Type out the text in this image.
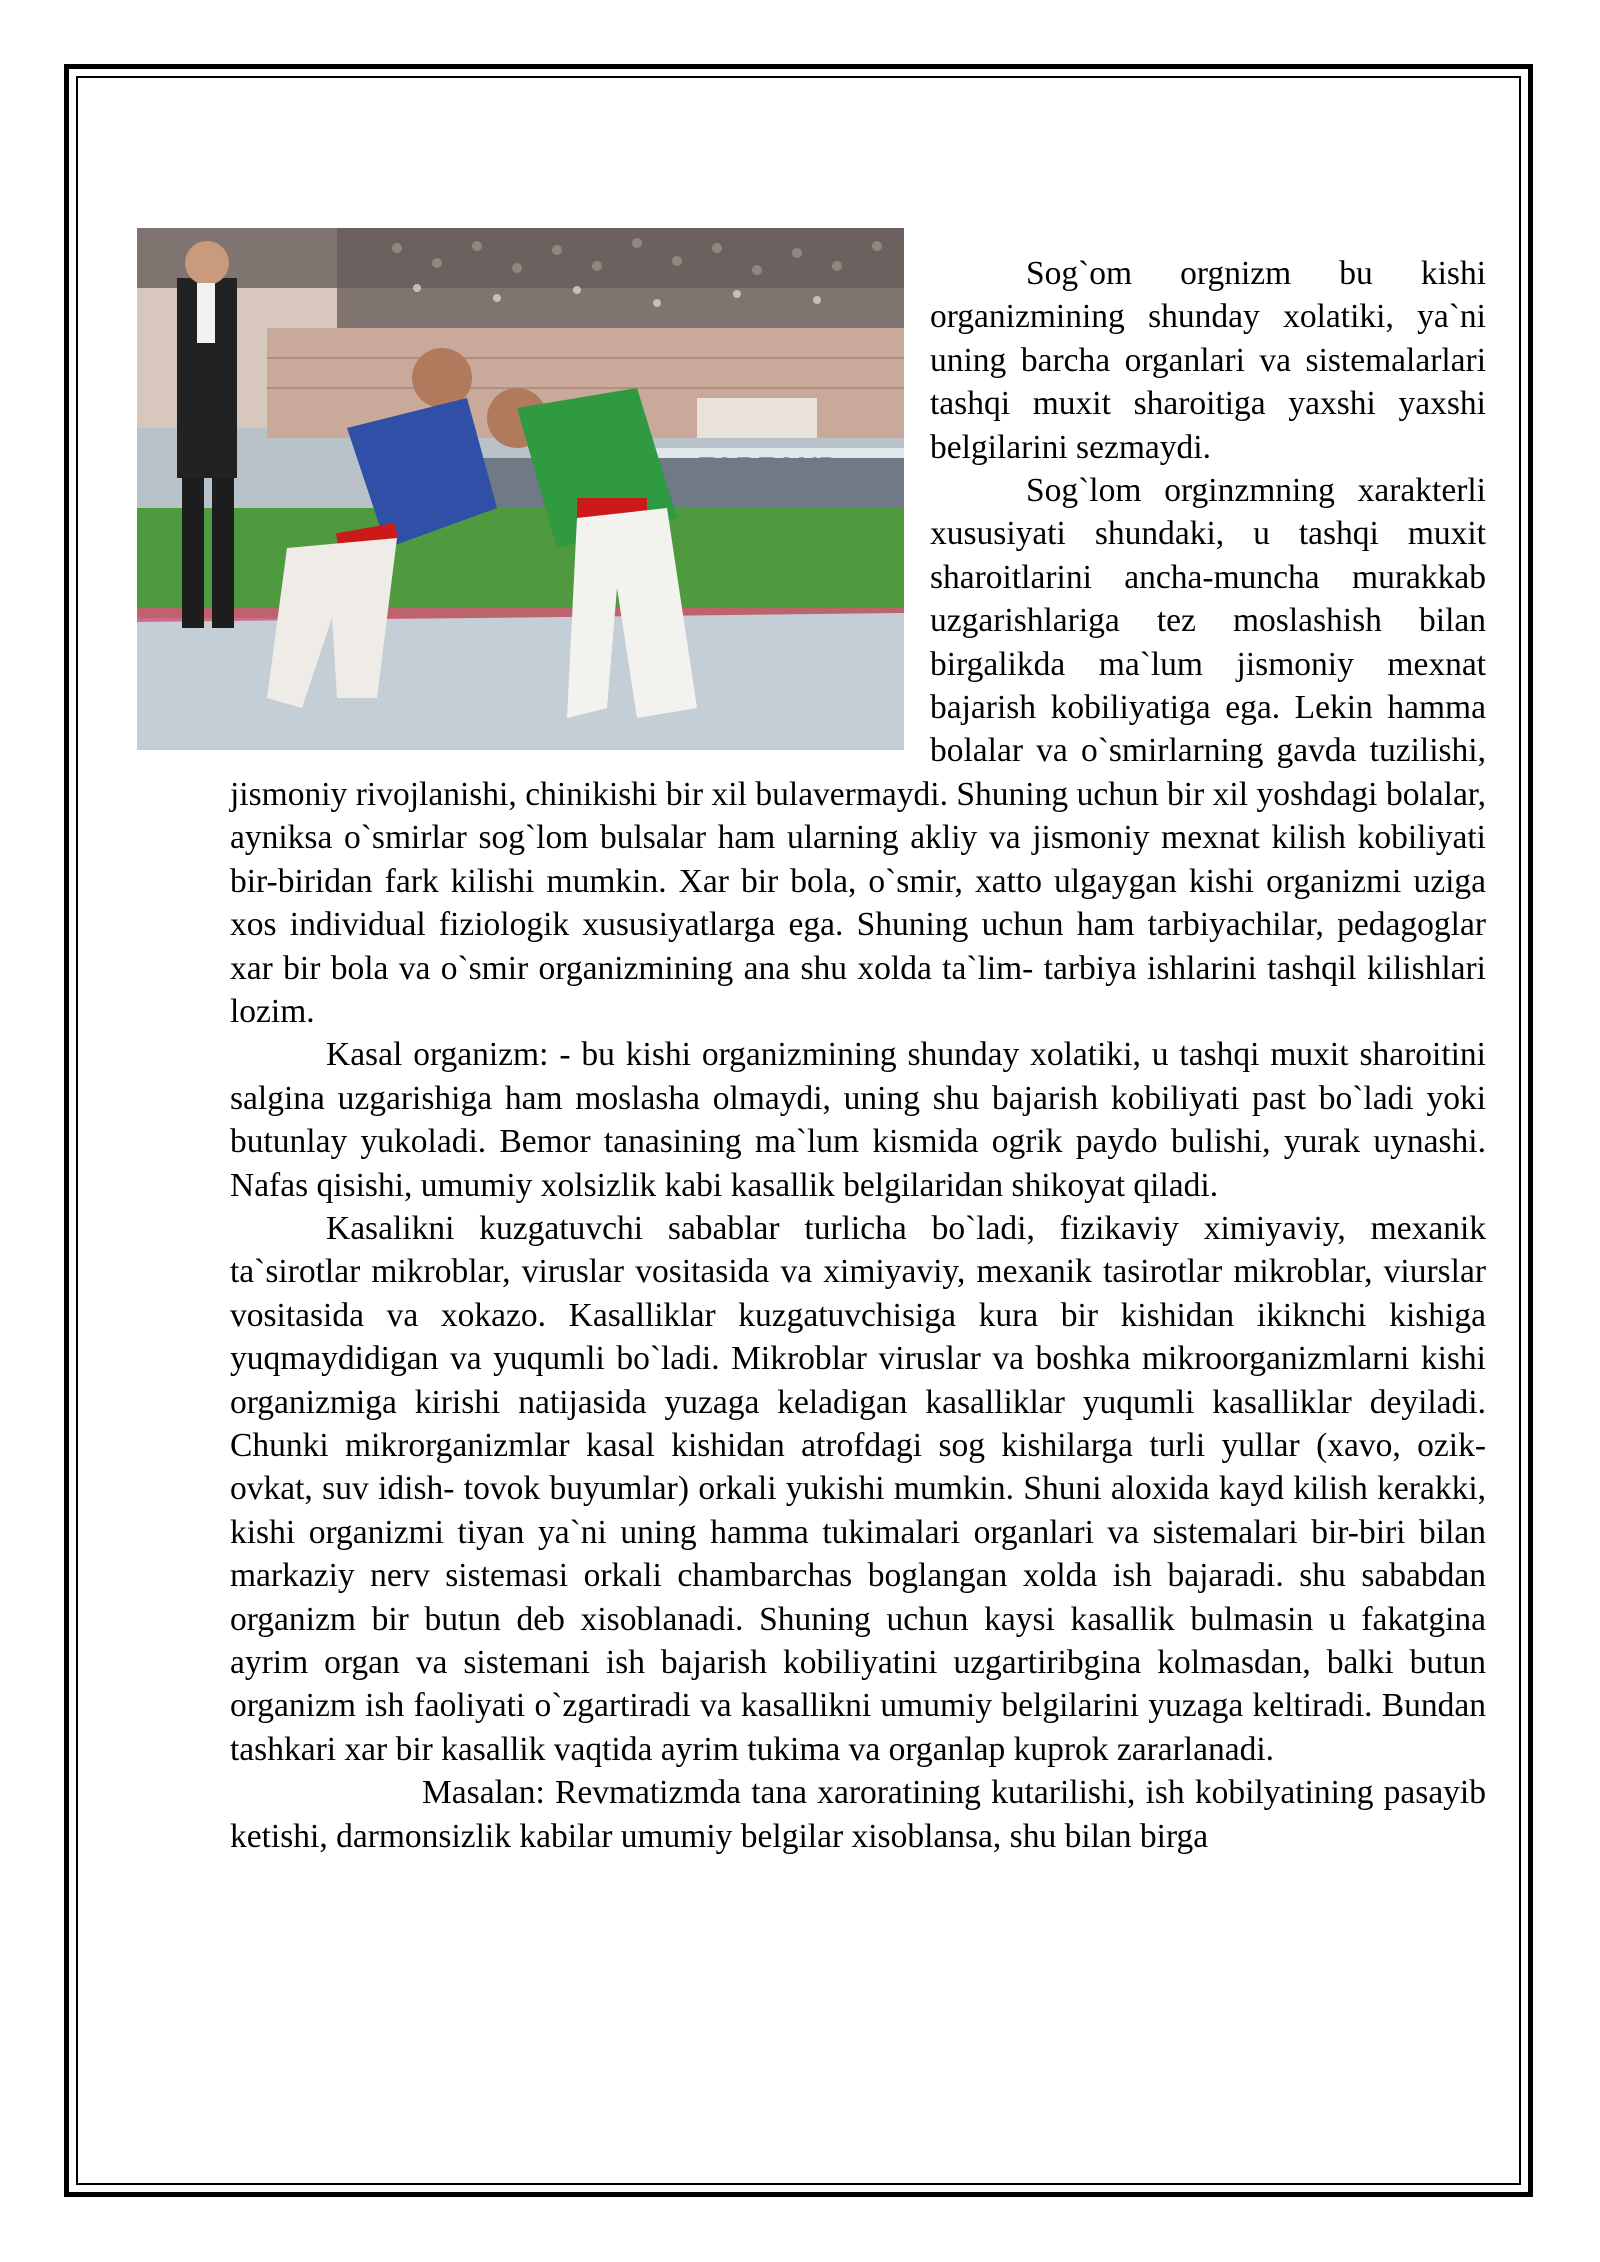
Sog`om orgnizm bu kishi organizmining shunday xolatiki, ya`ni uning barcha organlari va sistemalarlari tashqi muxit sharoitiga yaxshi yaxshi belgilarini sezmaydi.

Sog`lom orginzmning xarakterli xususiyati shundaki, u tashqi muxit sharoitlarini ancha-muncha murakkab uzgarishlariga tez moslashish bilan birgalikda ma`lum jismoniy mexnat bajarish kobiliyatiga ega. Lekin hamma bolalar va o`smirlarning gavda tuzilishi, jismoniy rivojlanishi, chinikishi bir xil bulavermaydi. Shuning uchun bir xil yoshdagi bolalar, ayniksa o`smirlar sog`lom bulsalar ham ularning akliy va jismoniy mexnat kilish kobiliyati bir-biridan fark kilishi mumkin. Xar bir bola, o`smir, xatto ulgaygan kishi organizmi uziga xos individual fiziologik xususiyatlarga ega. Shuning uchun ham tarbiyachilar, pedagoglar xar bir bola va o`smir organizmining ana shu xolda ta`lim- tarbiya ishlarini tashqil kilishlari lozim.

Kasal organizm: - bu kishi organizmining shunday xolatiki, u tashqi muxit sharoitini salgina uzgarishiga ham moslasha olmaydi, uning shu bajarish kobiliyati past bo`ladi yoki butunlay yukoladi. Bemor tanasining ma`lum kismida ogrik paydo bulishi, yurak uynashi. Nafas qisishi, umumiy xolsizlik kabi kasallik belgilaridan shikoyat qiladi.

Kasalikni kuzgatuvchi sabablar turlicha bo`ladi, fizikaviy ximiyaviy, mexanik ta`sirotlar mikroblar, viruslar vositasida va ximiyaviy, mexanik tasirotlar mikroblar, viurslar vositasida va xokazo. Kasalliklar kuzgatuvchisiga kura bir kishidan ikiknchi kishiga yuqmaydidigan va yuqumli bo`ladi. Mikroblar viruslar va boshka mikroorganizmlarni kishi organizmiga kirishi natijasida yuzaga keladigan kasalliklar yuqumli kasalliklar deyiladi. Chunki mikrorganizmlar kasal kishidan atrofdagi sog kishilarga turli yullar (xavo, ozik-ovkat, suv idish- tovok buyumlar) orkali yukishi mumkin. Shuni aloxida kayd kilish kerakki, kishi organizmi tiyan ya`ni uning hamma tukimalari organlari va sistemalari bir-biri bilan markaziy nerv sistemasi orkali chambarchas boglangan xolda ish bajaradi. shu sababdan organizm bir butun deb xisoblanadi. Shuning uchun kaysi kasallik bulmasin u fakatgina ayrim organ va sistemani ish bajarish kobiliyatini uzgartiribgina kolmasdan, balki butun organizm ish faoliyati o`zgartiradi va kasallikni umumiy belgilarini yuzaga keltiradi. Bundan tashkari xar bir kasallik vaqtida ayrim tukima va organlap kuprok zararlanadi.

Masalan: Revmatizmda tana xaroratining kutarilishi, ish kobilyatining pasayib ketishi, darmonsizlik kabilar umumiy belgilar xisoblansa, shu bilan birga
